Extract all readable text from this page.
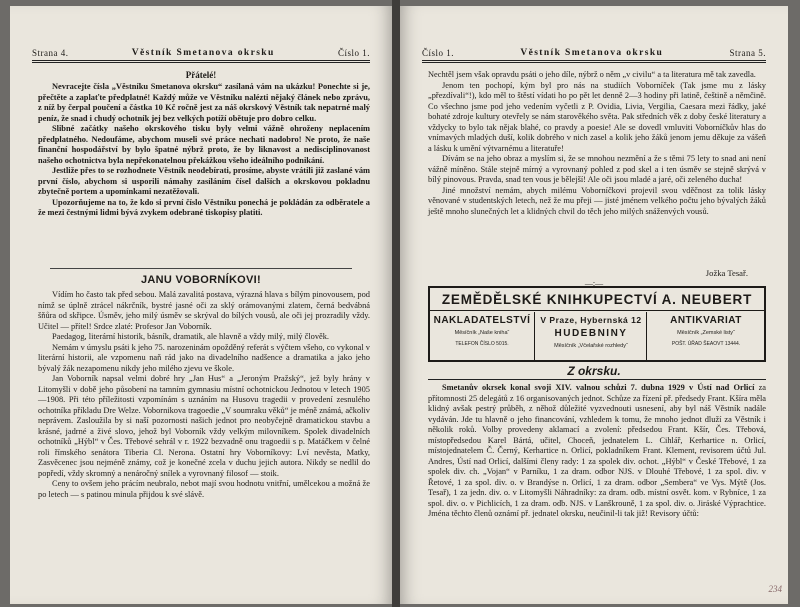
Strana 4.	Věstník Smetanova okrsku	Číslo 1.
Přátelé!

Nevracejte čísla „Věstníku Smetanova okrsku“ zasílaná vám na ukázku! Ponechte si je, přečtěte a zaplaťte předplatné! Každý může ve Věstníku nalézti nějaký článek nebo zprávu, z níž by čerpal poučení a částka 10 Kč ročně jest za náš okrskový Věstník tak nepatrné malý peníz, že snad i chudý ochotník jej bez velkých potíží obětuje pro dobro celku.

Slibné začátky našeho okrskového tisku byly velmi vážně ohroženy neplacením předplatného. Nedoufáme, abychom museli své práce nechati nadobro! Ne proto, že naše finanční hospodářství by bylo špatné nýbrž proto, že by liknavost a nedisciplinovanost našeho ochotnictva byla nepřekonatelnou překážkou všeho ideálního podnikání.

Jestliže přes to se rozhodnete Věstník neodebírati, prosíme, abyste vrátili již zaslané vám první číslo, abychom si usporili námahy zasíláním čísel dalších a okrskovou pokladnu zbytečně portem a upomínkami nezatěžovali.

Upozorňujeme na to, že kdo si první číslo Věstníku ponechá je pokládán za odběratele a že mezi čestnými lidmi bývá zvykem odebrané tiskopisy platiti.

JANU VOBORNÍKOVI!

Vídím ho často tak před sebou. Malá zavalitá postava, výrazná hlava s bílým pinovousem, pod nímž se úplně ztrácel nákrčník, bystré jasné oči za sklý orámovanými zlatem, černá bedvábná šňůra od skřipce. Úsměv, jeho milý úsměv se skrýval do bílých vousů, ale oči jej prozradily vždy. Učitel — přítel! Srdce zlaté: Profesor Jan Voborník.

Paedagog, literární historik, básník, dramatik, ale hlavně a vždy milý, milý člověk.

Nemám v úmyslu psáti k jeho 75. narozeninám opožděný referát s výčtem všeho, co vykonal v literární historii, ale vzpomenu naň rád jako na divadelního nadšence a dramatika a jako jeho bývalý žák nezapomenu nikdy jeho milého zjevu ve škole.

Jan Voborník napsal velmi dobré hry „Jan Hus“ a „Jeroným Pražský“, jež byly hrány v Litomyšli v době jeho působení na tamním gymnasiu místní ochotnickou Jednotou v letech 1905—1908. Při této příležitosti vzpomínám s uznáním na Husovu tragedii v provedení zesnulého ochotníka příkladu Dre Welze. Vobornikova tragoedie „V soumraku věků“ je méně známá, ačkoliv neprávem. Zasloužila by si naší pozornosti našich jednot pro neobyčejně dramatickou stavbu a krásné, jadrné a živé slovo, jehož byl Voborník vždy velkým milovníkem. Spolek divadelních ochotníků „Hýbl“ v Čes. Třebové sehrál v r. 1922 bezvadně onu tragoedii s p. Matáčkem v čelné roli římského senátora Tiberia Cl. Nerona. Ostatní hry Voborníkovy: Lví nevěsta, Matky, Zasvěcenec jsou nejméně známy, což je konečné zcela v duchu jejich autora. Nikdy se nedlil do popředí, vždy skromný a nenáročný snílek a vyrovnaný filosof — stoik.

Ceny to ovšem jeho prácím neubralo, nebot mají svou hodnotu vnitřní, umělcekou a možná že po letech — s patinou minula přijdou k své slávě.

Číslo 1.	Věstník Smetanova okrsku	Strana 5.

Nechtěl jsem však opravdu psáti o jeho díle, nýbrž o něm „v civilu“ a ta literatura mě tak zavedla.

Jenom ten pochopí, kým byl pro nás na studiích Voborníček (Tak jsme mu z lásky „přezdívali“!), kdo měl to štěstí vídati ho po pět let denně 2—3 hodiny při latině, češtině a němčině. Co všechno jsme pod jeho vedením vyčetli z P. Ovidia, Livia, Vergilia, Caesara mezi řádky, jaké bohaté zdroje kultury otevřely se nám starověkého světa. Pak středních věk z doby české literatury a vždycky to bylo tak nějak blahé, co pravdy a poesie! Ale se dovedl vmluviti Voborníčkův hlas do vnímavých mladých duší, kolik dobrého v nich zasel a kolik jeho žáků jenom jemu děkuje za vášeň a lásku k umění výtvarnému a literatuře!

Dívám se na jeho obraz a myslím si, že se mnohou nezmění a že s těmi 75 lety to snad ani není vážně míněno. Stále stejně mírný a vyrovnaný pohled z pod skel a i ten úsměv se stejně skrývá v bílý pinovous. Pravda, snad ten vous je bělejší! Ale oči jsou mladé a jaré, oči zeleného ducha!

Jiné množství nemám, abych milému Voborníčkovi projevil svou vděčnost za tolik lásky věnované v studentských letech, než že mu přeji — jisté jménem velkého počtu jeho bývalých žáků ještě mnoho slunečných let a klidných chvil do těch jeho milých snáženvých vousů.

Jožka Tesař.
—:—
ZEMĚDĚLSKÉ KNIHKUPECTVÍ A. NEUBERT
NAKLADATELSTVÍ
Měsíčník „Naše kniha“
TELEFON ČÍSLO 5015.
V Praze, Hybernská 12
HUDEBNINY
Měsíčník „Včelařské rozhledy“
ANTIKVARIAT
Měsíčník „Zemské listy“
POŠT. ÚŘAD ŠEAOVT 13444.
Z okrsku.

Smetanův okrsek konal svoji XIV. valnou schůzi 7. dubna 1929 v Ústí nad Orlicí za přítomnosti 25 delegátů z 16 organisovaných jednot. Schůze za řízení př. předsedy Frant. Kšíra měla klidný avšak pestrý průběh, z něhož důležité vyzvednouti usnesení, aby byl náš Věstník nadále vydáván. Jde tu hlavně o jeho financování, vzhledem k tomu, že mnoho jednot dluží za Věstník i několik roků. Volby provedeny aklamací a zvolení: předsedou Frant. Kšír, Čes. Třebová, místopředsedou Karel Bártá, učitel, Choceň, jednatelem L. Cihlář, Kerhartice n. Orlicí, místojednatelem Č. Černý, Kerhartice n. Orlicí, pokladníkem Frant. Klement, revisorem účtů Jul. Andres, Ústí nad Orlicí, dalšími členy rady: 1 za spolek div. ochot. „Hýbl“ v České Třebové, 1 za spolek div. ch. „Vojan“ v Parníku, 1 za dram. odbor NJS. v Dlouhé Třebové, 1 za spol. div. v Řetové, 1 za spol. div. o. v Brandýse n. Orlicí, 1 za dram. odbor „Sembera“ ve Vys. Mýtě (Jos. Tesař), 1 za jedn. div. o. v Litomyšli Náhradníky: za dram. odb. místní osvět. kom. v Rybníce, 1 za spol. div. o. v Pichlicích, 1 za dram. odb. NJS. v Lanškrouně, 1 za spol. div. o. Jiráské Výprachtice. Jména těchto členů oznámí př. jednatel okrsku, neučinil-li tak již! Revisory účtů:

234
